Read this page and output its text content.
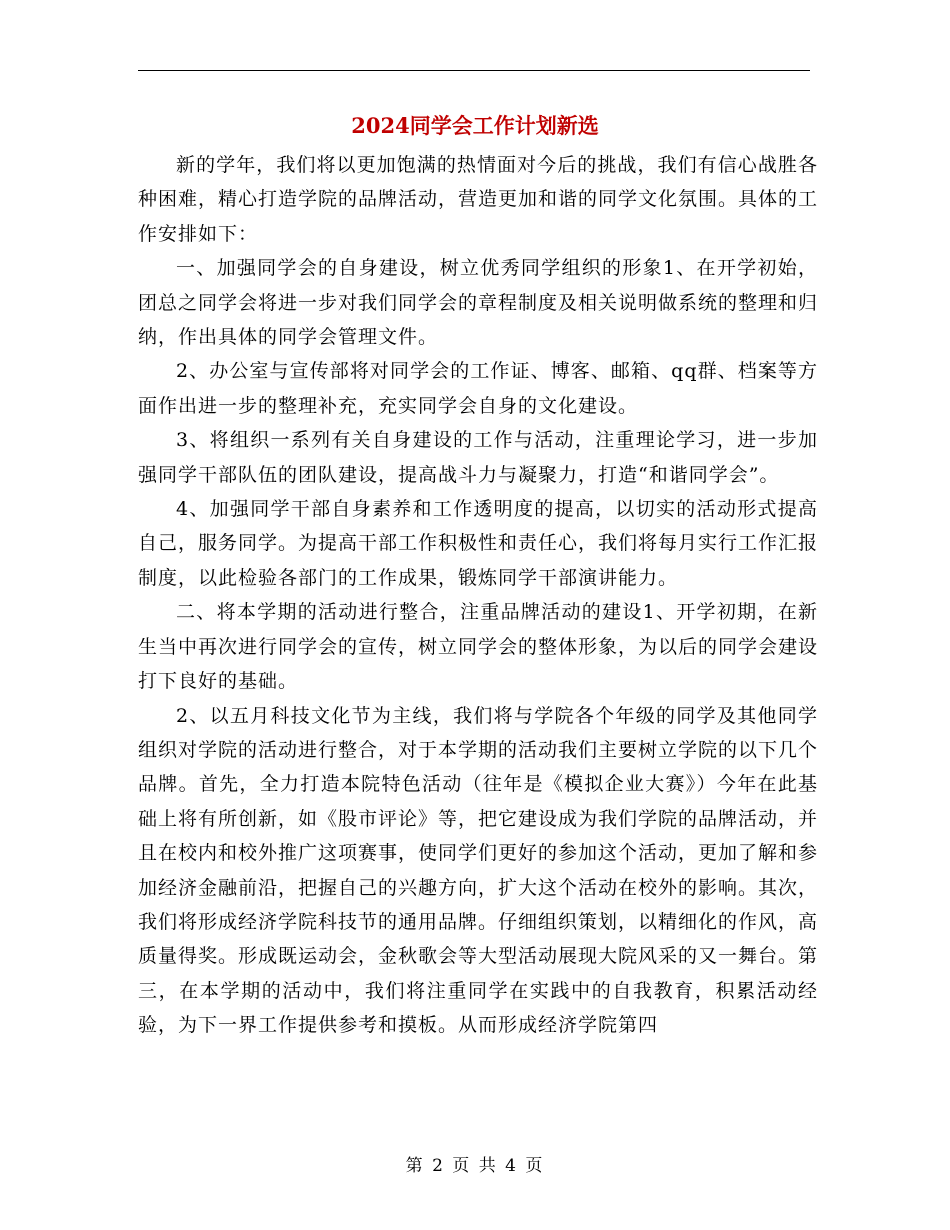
2024同学会工作计划新选

新的学年，我们将以更加饱满的热情面对今后的挑战，我们有信心战胜各种困难，精心打造学院的品牌活动，营造更加和谐的同学文化氛围。具体的工作安排如下：

一、加强同学会的自身建设，树立优秀同学组织的形象1、在开学初始，团总之同学会将进一步对我们同学会的章程制度及相关说明做系统的整理和归纳，作出具体的同学会管理文件。

2、办公室与宣传部将对同学会的工作证、博客、邮箱、qq群、档案等方面作出进一步的整理补充，充实同学会自身的文化建设。

3、将组织一系列有关自身建设的工作与活动，注重理论学习，进一步加强同学干部队伍的团队建设，提高战斗力与凝聚力，打造“和谐同学会”。

4、加强同学干部自身素养和工作透明度的提高，以切实的活动形式提高自己，服务同学。为提高干部工作积极性和责任心，我们将每月实行工作汇报制度，以此检验各部门的工作成果，锻炼同学干部演讲能力。

二、将本学期的活动进行整合，注重品牌活动的建设1、开学初期，在新生当中再次进行同学会的宣传，树立同学会的整体形象，为以后的同学会建设打下良好的基础。

2、以五月科技文化节为主线，我们将与学院各个年级的同学及其他同学组织对学院的活动进行整合，对于本学期的活动我们主要树立学院的以下几个品牌。首先，全力打造本院特色活动（往年是《模拟企业大赛》）今年在此基础上将有所创新，如《股市评论》等，把它建设成为我们学院的品牌活动，并且在校内和校外推广这项赛事，使同学们更好的参加这个活动，更加了解和参加经济金融前沿，把握自己的兴趣方向，扩大这个活动在校外的影响。其次，我们将形成经济学院科技节的通用品牌。仔细组织策划，以精细化的作风，高质量得奖。形成既运动会，金秋歌会等大型活动展现大院风采的又一舞台。第三，在本学期的活动中，我们将注重同学在实践中的自我教育，积累活动经验，为下一界工作提供参考和摸板。从而形成经济学院第四

第 2 页 共 4 页
